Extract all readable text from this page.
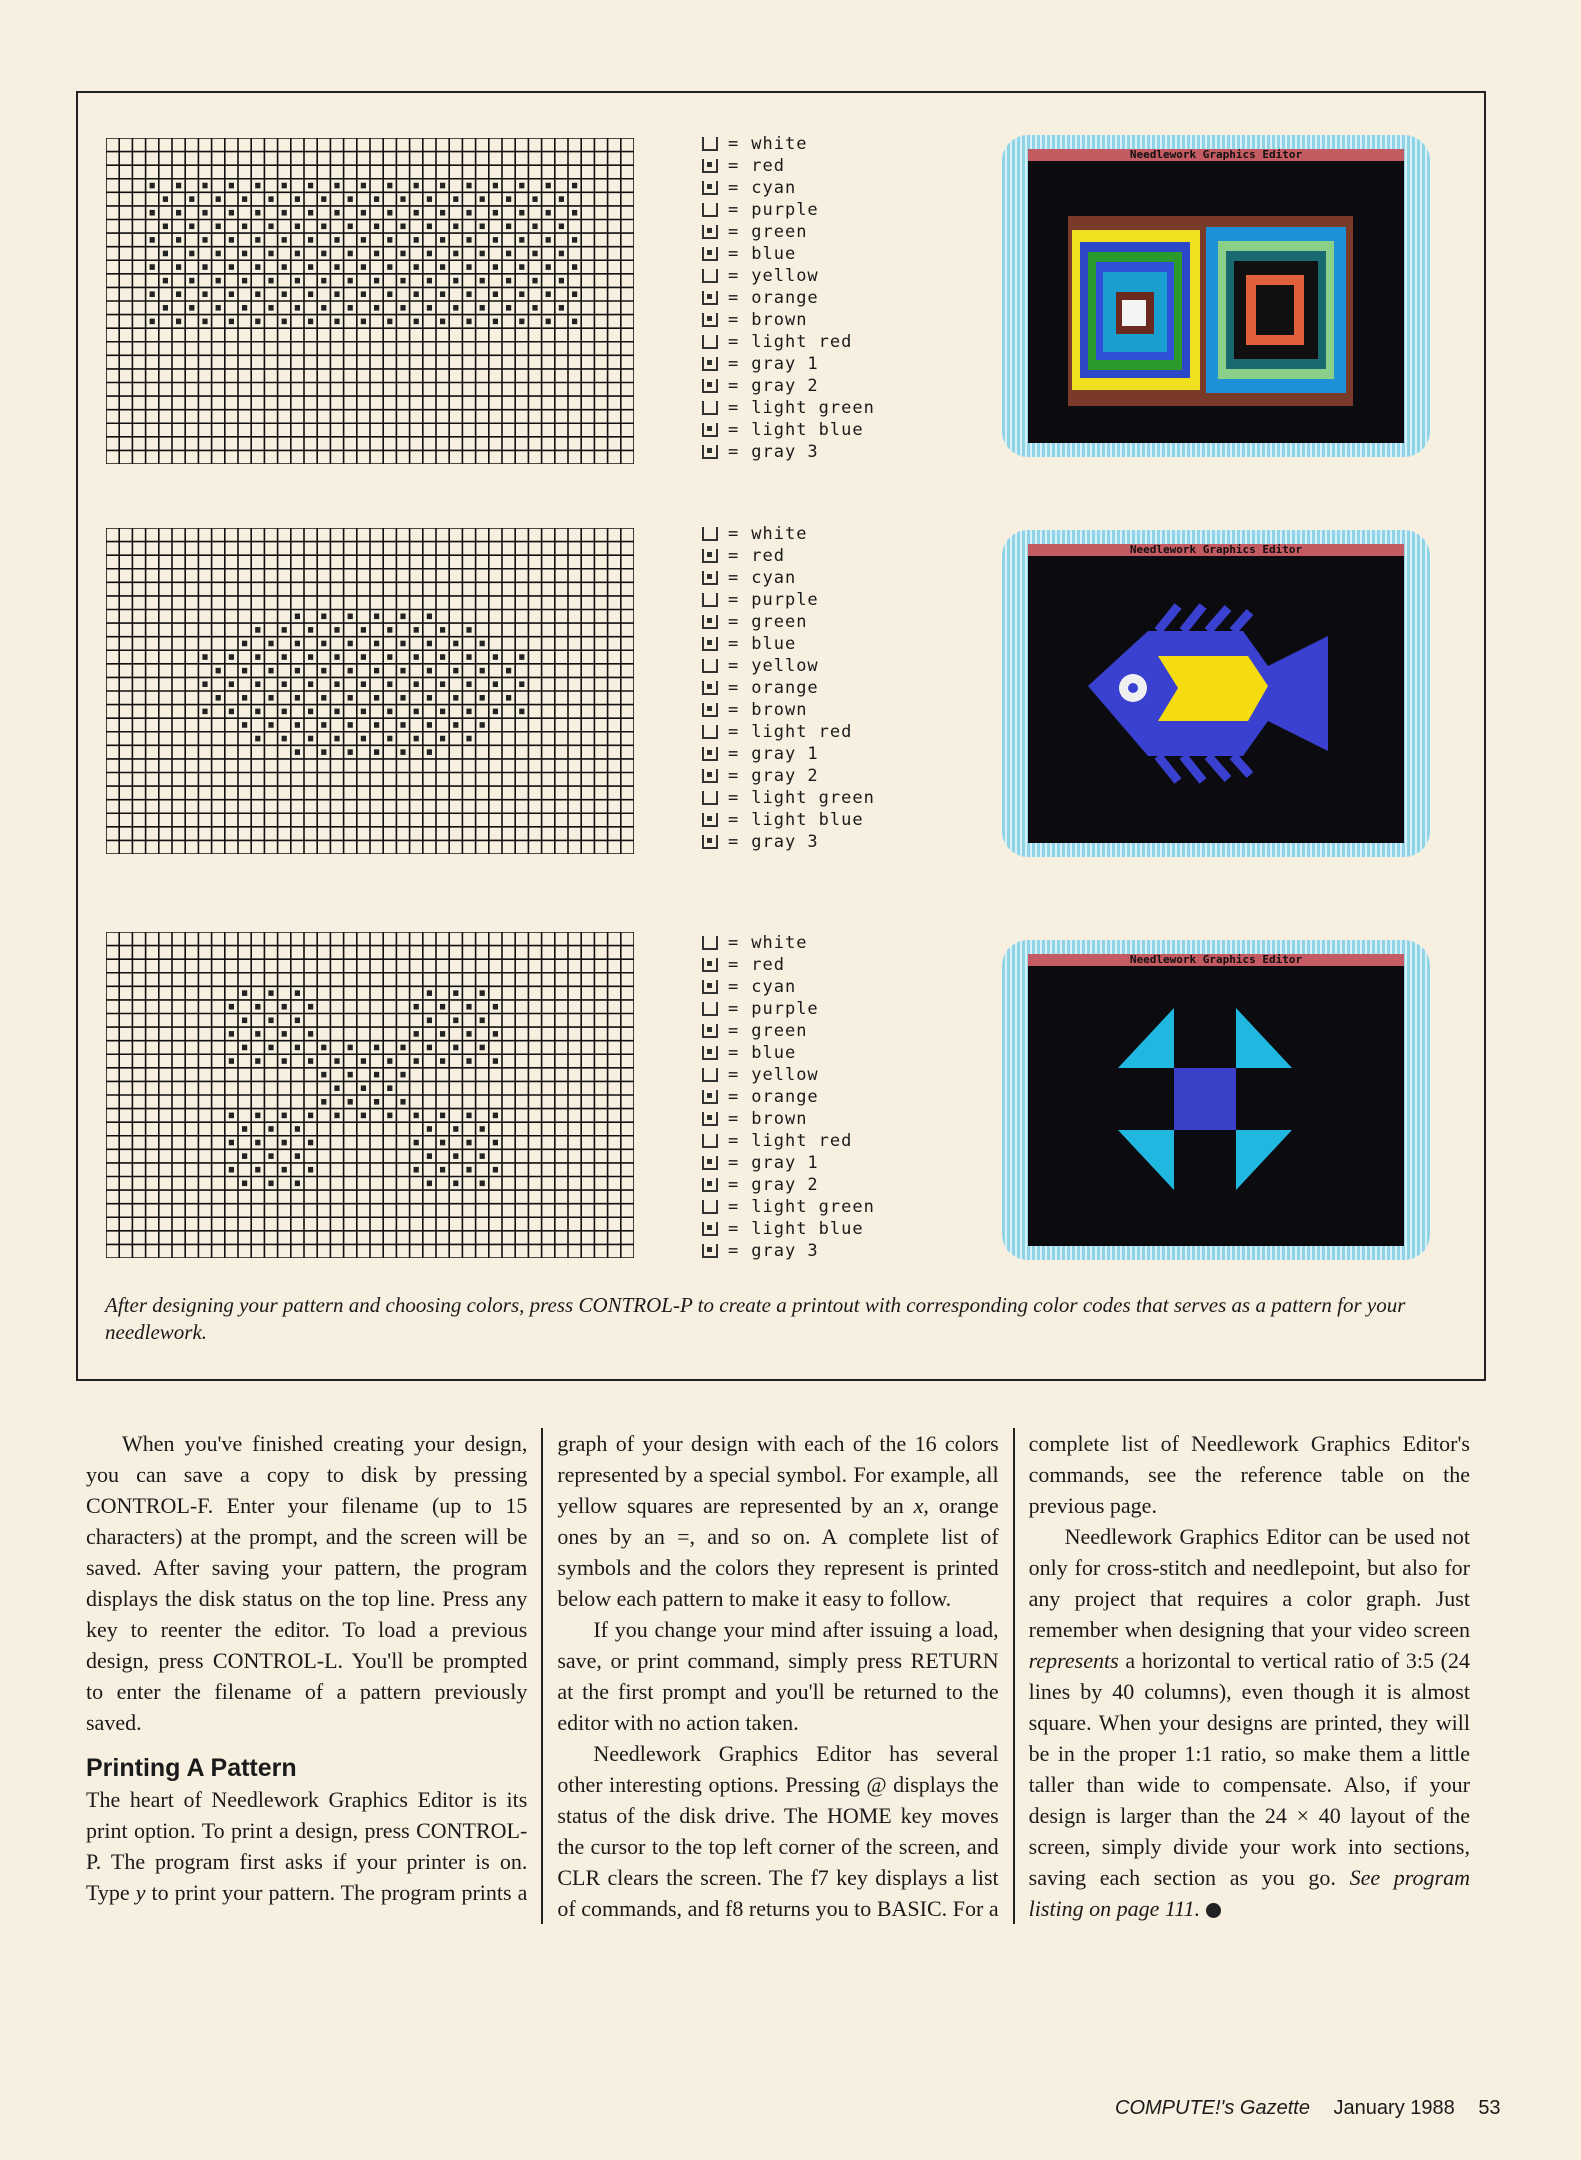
= white
= red
= cyan
= purple
= green
= blue
= yellow
= orange
= brown
= light red
= gray 1
= gray 2
= light green
= light blue
= gray 3
= white
= red
= cyan
= purple
= green
= blue
= yellow
= orange
= brown
= light red
= gray 1
= gray 2
= light green
= light blue
= gray 3
= white
= red
= cyan
= purple
= green
= blue
= yellow
= orange
= brown
= light red
= gray 1
= gray 2
= light green
= light blue
= gray 3
Needlework Graphics Editor
Needlework Graphics Editor
Needlework Graphics Editor
After designing your pattern and choosing colors, press CONTROL-P to create a printout with corresponding color codes that serves as a pattern for your needlework.

When you've finished creating your design, you can save a copy to disk by pressing CONTROL-F. Enter your filename (up to 15 characters) at the prompt, and the screen will be saved. After saving your pattern, the program displays the disk status on the top line. Press any key to reenter the editor. To load a previous design, press CONTROL-L. You'll be prompted to enter the filename of a pattern previously saved.

Printing A Pattern

The heart of Needlework Graphics Editor is its print option. To print a design, press CONTROL-P. The program first asks if your printer is on. Type y to print your pattern. The program prints a graph of your design with each of the 16 colors represented by a special symbol. For example, all yellow squares are represented by an x, orange ones by an =, and so on. A complete list of symbols and the colors they represent is printed below each pattern to make it easy to follow.

If you change your mind after issuing a load, save, or print command, simply press RETURN at the first prompt and you'll be returned to the editor with no action taken.

Needlework Graphics Editor has several other interesting options. Pressing @ displays the status of the disk drive. The HOME key moves the cursor to the top left corner of the screen, and CLR clears the screen. The f7 key displays a list of commands, and f8 returns you to BASIC. For a complete list of Needlework Graphics Editor's commands, see the reference table on the previous page.

Needlework Graphics Editor can be used not only for cross-stitch and needlepoint, but also for any project that requires a color graph. Just remember when designing that your video screen represents a horizontal to vertical ratio of 3:5 (24 lines by 40 columns), even though it is almost square. When your designs are printed, they will be in the proper 1:1 ratio, so make them a little taller than wide to compensate. Also, if your design is larger than the 24 × 40 layout of the screen, simply divide your work into sections, saving each section as you go. See program listing on page 111.

COMPUTE!'s Gazette January 1988 53
